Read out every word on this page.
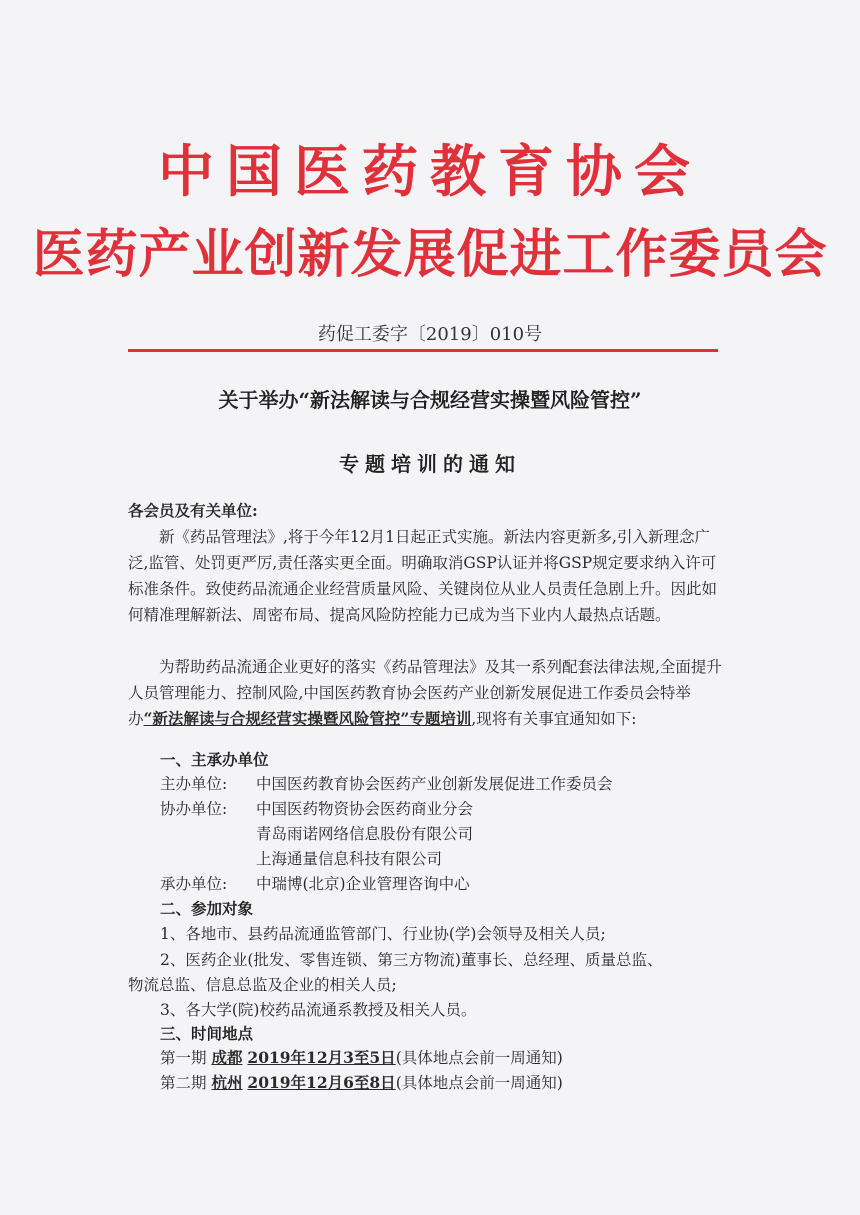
中国医药教育协会
医药产业创新发展促进工作委员会
药促工委字〔2019〕010号
关于举办“新法解读与合规经营实操暨风险管控”
专题培训的通知
各会员及有关单位:
新《药品管理法》,将于今年12月1日起正式实施。新法内容更新多,引入新理念广泛,监管、处罚更严厉,责任落实更全面。明确取消GSP认证并将GSP规定要求纳入许可标准条件。致使药品流通企业经营质量风险、关键岗位从业人员责任急剧上升。因此如何精准理解新法、周密布局、提高风险防控能力已成为当下业内人最热点话题。
为帮助药品流通企业更好的落实《药品管理法》及其一系列配套法律法规,全面提升人员管理能力、控制风险,中国医药教育协会医药产业创新发展促进工作委员会特举办“新法解读与合规经营实操暨风险管控”专题培训,现将有关事宜通知如下:
一、主承办单位
主办单位: 中国医药教育协会医药产业创新发展促进工作委员会
协办单位: 中国医药物资协会医药商业分会
青岛雨诺网络信息股份有限公司
上海通量信息科技有限公司
承办单位: 中瑞博(北京)企业管理咨询中心
二、参加对象
1、各地市、县药品流通监管部门、行业协(学)会领导及相关人员;
2、医药企业(批发、零售连锁、第三方物流)董事长、总经理、质量总监、
物流总监、信息总监及企业的相关人员;
3、各大学(院)校药品流通系教授及相关人员。
三、时间地点
第一期 成都 2019年12月3至5日(具体地点会前一周通知)
第二期 杭州 2019年12月6至8日(具体地点会前一周通知)
